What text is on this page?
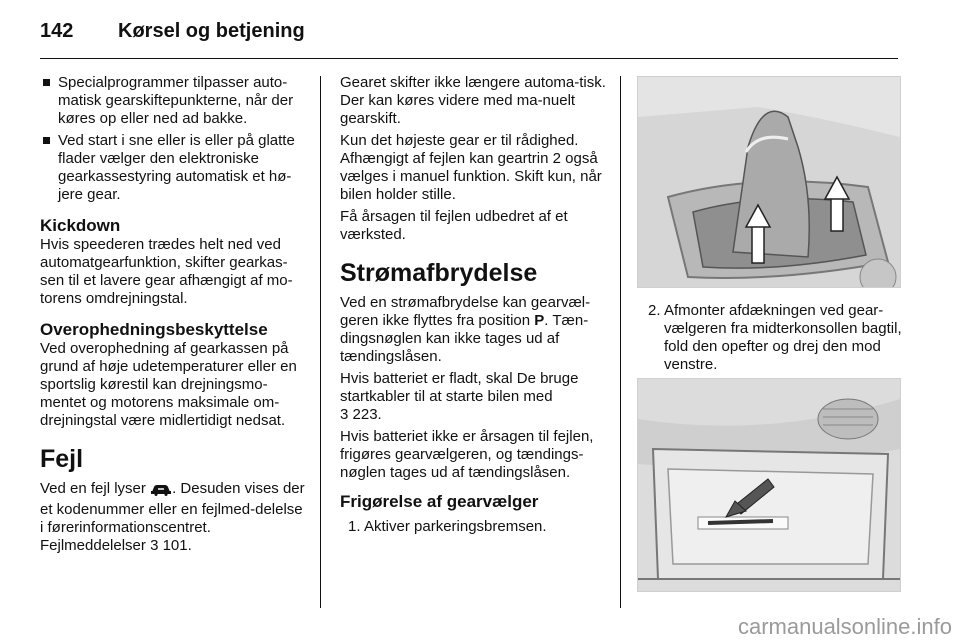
142 Kørsel og betjening
Specialprogrammer tilpasser auto-matisk gearskiftepunkterne, når der køres op eller ned ad bakke.
Ved start i sne eller is eller på glatte flader vælger den elektroniske gearkassestyring automatisk et hø-jere gear.
Kickdown

Hvis speederen trædes helt ned ved automatgearfunktion, skifter gearkas-sen til et lavere gear afhængigt af mo-torens omdrejningstal.

Overophedningsbeskyttelse

Ved overophedning af gearkassen på grund af høje udetemperaturer eller en sportslig kørestil kan drejningsmo-mentet og motorens maksimale om-drejningstal være midlertidigt nedsat.

Fejl

Ved en fejl lyser . Desuden vises der et kodenummer eller en fejlmed-delelse i førerinformationscentret.
Fejlmeddelelser 3 101.

Gearet skifter ikke længere automa-tisk. Der kan køres videre med ma-nuelt gearskift.

Kun det højeste gear er til rådighed. Afhængigt af fejlen kan geartrin 2 også vælges i manuel funktion. Skift kun, når bilen holder stille.

Få årsagen til fejlen udbedret af et værksted.

Strømafbrydelse

Ved en strømafbrydelse kan gearvæl-geren ikke flyttes fra position P. Tæn-dingsnøglen kan ikke tages ud af tændingslåsen.

Hvis batteriet er fladt, skal De bruge startkabler til at starte bilen med
3 223.

Hvis batteriet ikke er årsagen til fejlen, frigøres gearvælgeren, og tændings-nøglen tages ud af tændingslåsen.

Frigørelse af gearvælger

1. Aktiver parkeringsbremsen.

2. Afmonter afdækningen ved gear-vælgeren fra midterkonsollen bagtil, fold den opefter og drej den mod venstre.

carmanualsonline.info
